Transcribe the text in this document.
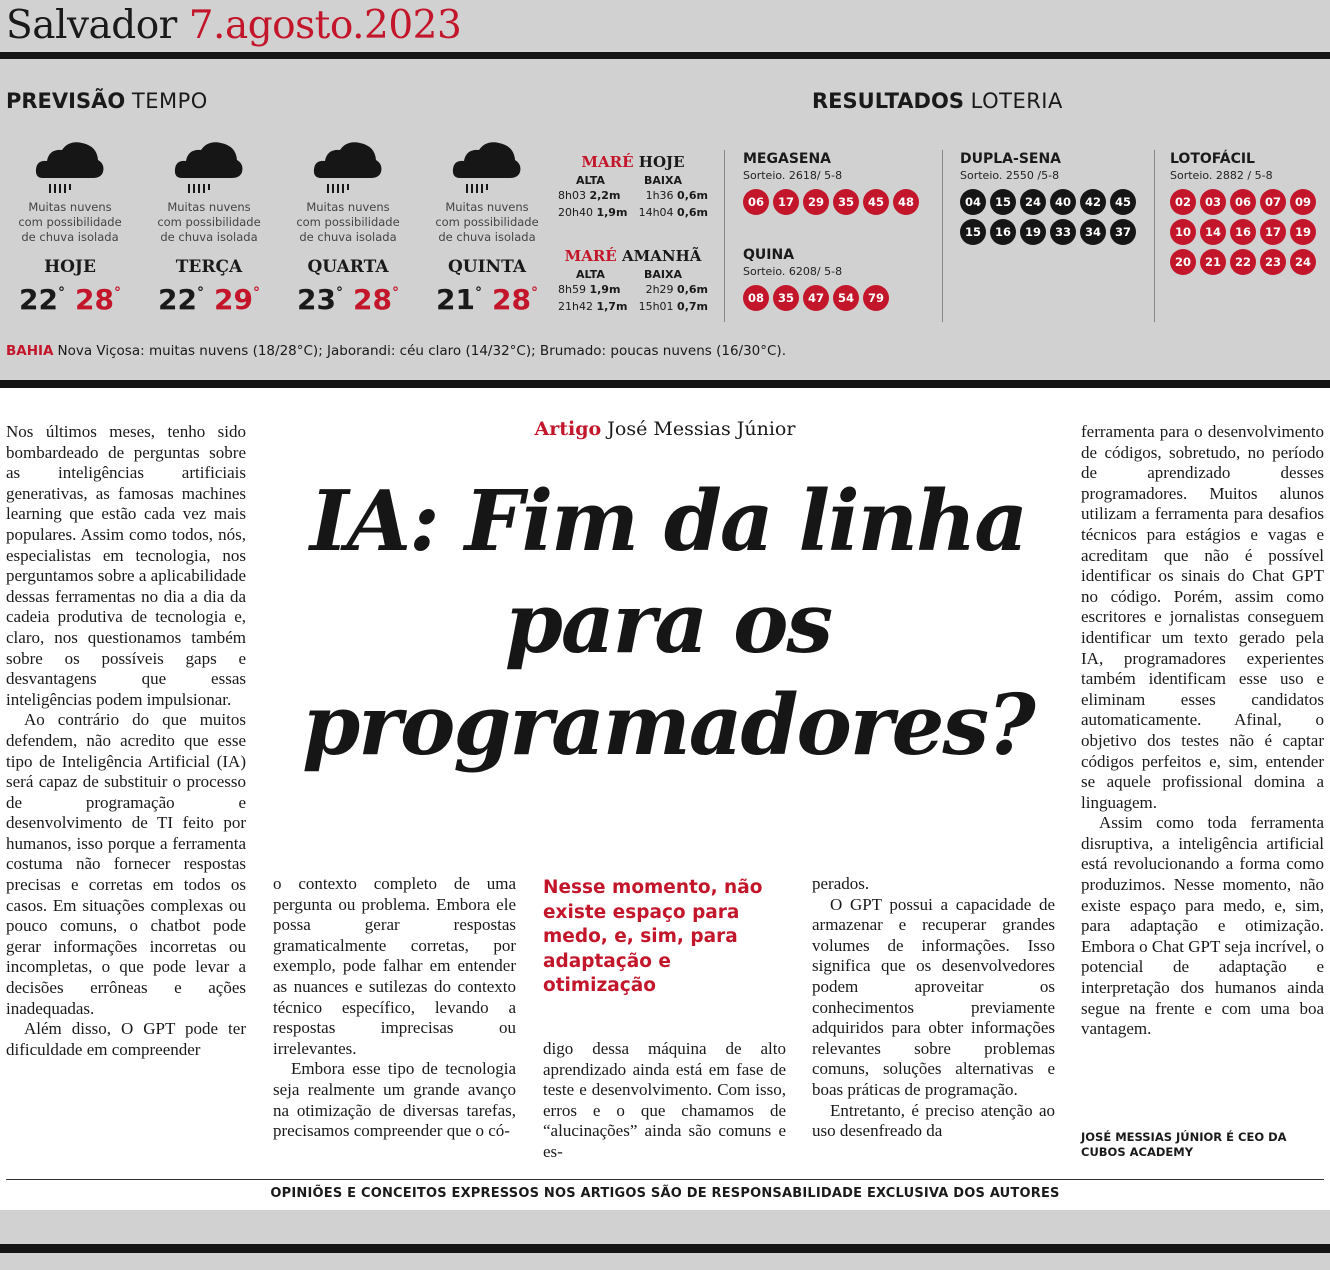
Salvador 7.agosto.2023
PREVISÃO TEMPO	RESULTADOS LOTERIA
Muitas nuvens
com possibilidade
de chuva isolada
HOJE
22° 28°
Muitas nuvens
com possibilidade
de chuva isolada
TERÇA
22° 29°
Muitas nuvens
com possibilidade
de chuva isolada
QUARTA
23° 28°
Muitas nuvens
com possibilidade
de chuva isolada
QUINTA
21° 28°
MARÉ HOJE
ALTA	BAIXA
8h03 2,2m 1h36 0,6m
20h40 1,9m 14h04 0,6m
MARÉ AMANHÃ
ALTA	BAIXA
8h59 1,9m 2h29 0,6m
21h42 1,7m 15h01 0,7m
MEGASENA
Sorteio. 2618/ 5-8
06	17	29	35	45	48
QUINA
Sorteio. 6208/ 5-8
08	35	47	54	79
DUPLA-SENA
Sorteio. 2550 /5-8
04	15	24	40	42	45
15	16	19	33	34	37
LOTOFÁCIL
Sorteio. 2882 / 5-8
02	03	06	07	09
10	14	16	17	19
20	21	22	23	24
BAHIA Nova Viçosa: muitas nuvens (18/28°C); Jaborandi: céu claro (14/32°C); Brumado: poucas nuvens (16/30°C).
Artigo José Messias Júnior
IA: Fim da linha
para os
programadores?

Nos últimos meses, tenho sido bombardeado de perguntas sobre as inteligências artificiais generativas, as famosas machines learning que estão cada vez mais populares. Assim como todos, nós, especialistas em tecnologia, nos perguntamos sobre a aplicabilidade dessas ferramentas no dia a dia da cadeia produtiva de tecnologia e, claro, nos questionamos também sobre os possíveis gaps e desvantagens que essas inteligências podem impulsionar.

Ao contrário do que muitos defendem, não acredito que esse tipo de Inteligência Artificial (IA) será capaz de substituir o processo de programação e desenvolvimento de TI feito por humanos, isso porque a ferramenta costuma não fornecer respostas precisas e corretas em todos os casos. Em situações complexas ou pouco comuns, o chatbot pode gerar informações incorretas ou incompletas, o que pode levar a decisões errôneas e ações inadequadas.

Além disso, O GPT pode ter dificuldade em compreender

o contexto completo de uma pergunta ou problema. Embora ele possa gerar respostas gramaticalmente corretas, por exemplo, pode falhar em entender as nuances e sutilezas do contexto técnico específico, levando a respostas imprecisas ou irrelevantes.

Embora esse tipo de tecnologia seja realmente um grande avanço na otimização de diversas tarefas, precisamos compreender que o có-

Nesse momento, não existe espaço para medo, e, sim, para adaptação e otimização

digo dessa máquina de alto aprendizado ainda está em fase de teste e desenvolvimento. Com isso, erros e o que chamamos de “alucinações” ainda são comuns e es-

perados.

O GPT possui a capacidade de armazenar e recuperar grandes volumes de informações. Isso significa que os desenvolvedores podem aproveitar os conhecimentos previamente adquiridos para obter informações relevantes sobre problemas comuns, soluções alternativas e boas práticas de programação.

Entretanto, é preciso atenção ao uso desenfreado da

ferramenta para o desenvolvimento de códigos, sobretudo, no período de aprendizado desses programadores. Muitos alunos utilizam a ferramenta para desafios técnicos para estágios e vagas e acreditam que não é possível identificar os sinais do Chat GPT no código. Porém, assim como escritores e jornalistas conseguem identificar um texto gerado pela IA, programadores experientes também identificam esse uso e eliminam esses candidatos automaticamente. Afinal, o objetivo dos testes não é captar códigos perfeitos e, sim, entender se aquele profissional domina a linguagem.

Assim como toda ferramenta disruptiva, a inteligência artificial está revolucionando a forma como produzimos. Nesse momento, não existe espaço para medo, e, sim, para adaptação e otimização. Embora o Chat GPT seja incrível, o potencial de adaptação e interpretação dos humanos ainda segue na frente e com uma boa vantagem.

JOSÉ MESSIAS JÚNIOR É CEO DA CUBOS ACADEMY
OPINIÕES E CONCEITOS EXPRESSOS NOS ARTIGOS SÃO DE RESPONSABILIDADE EXCLUSIVA DOS AUTORES
